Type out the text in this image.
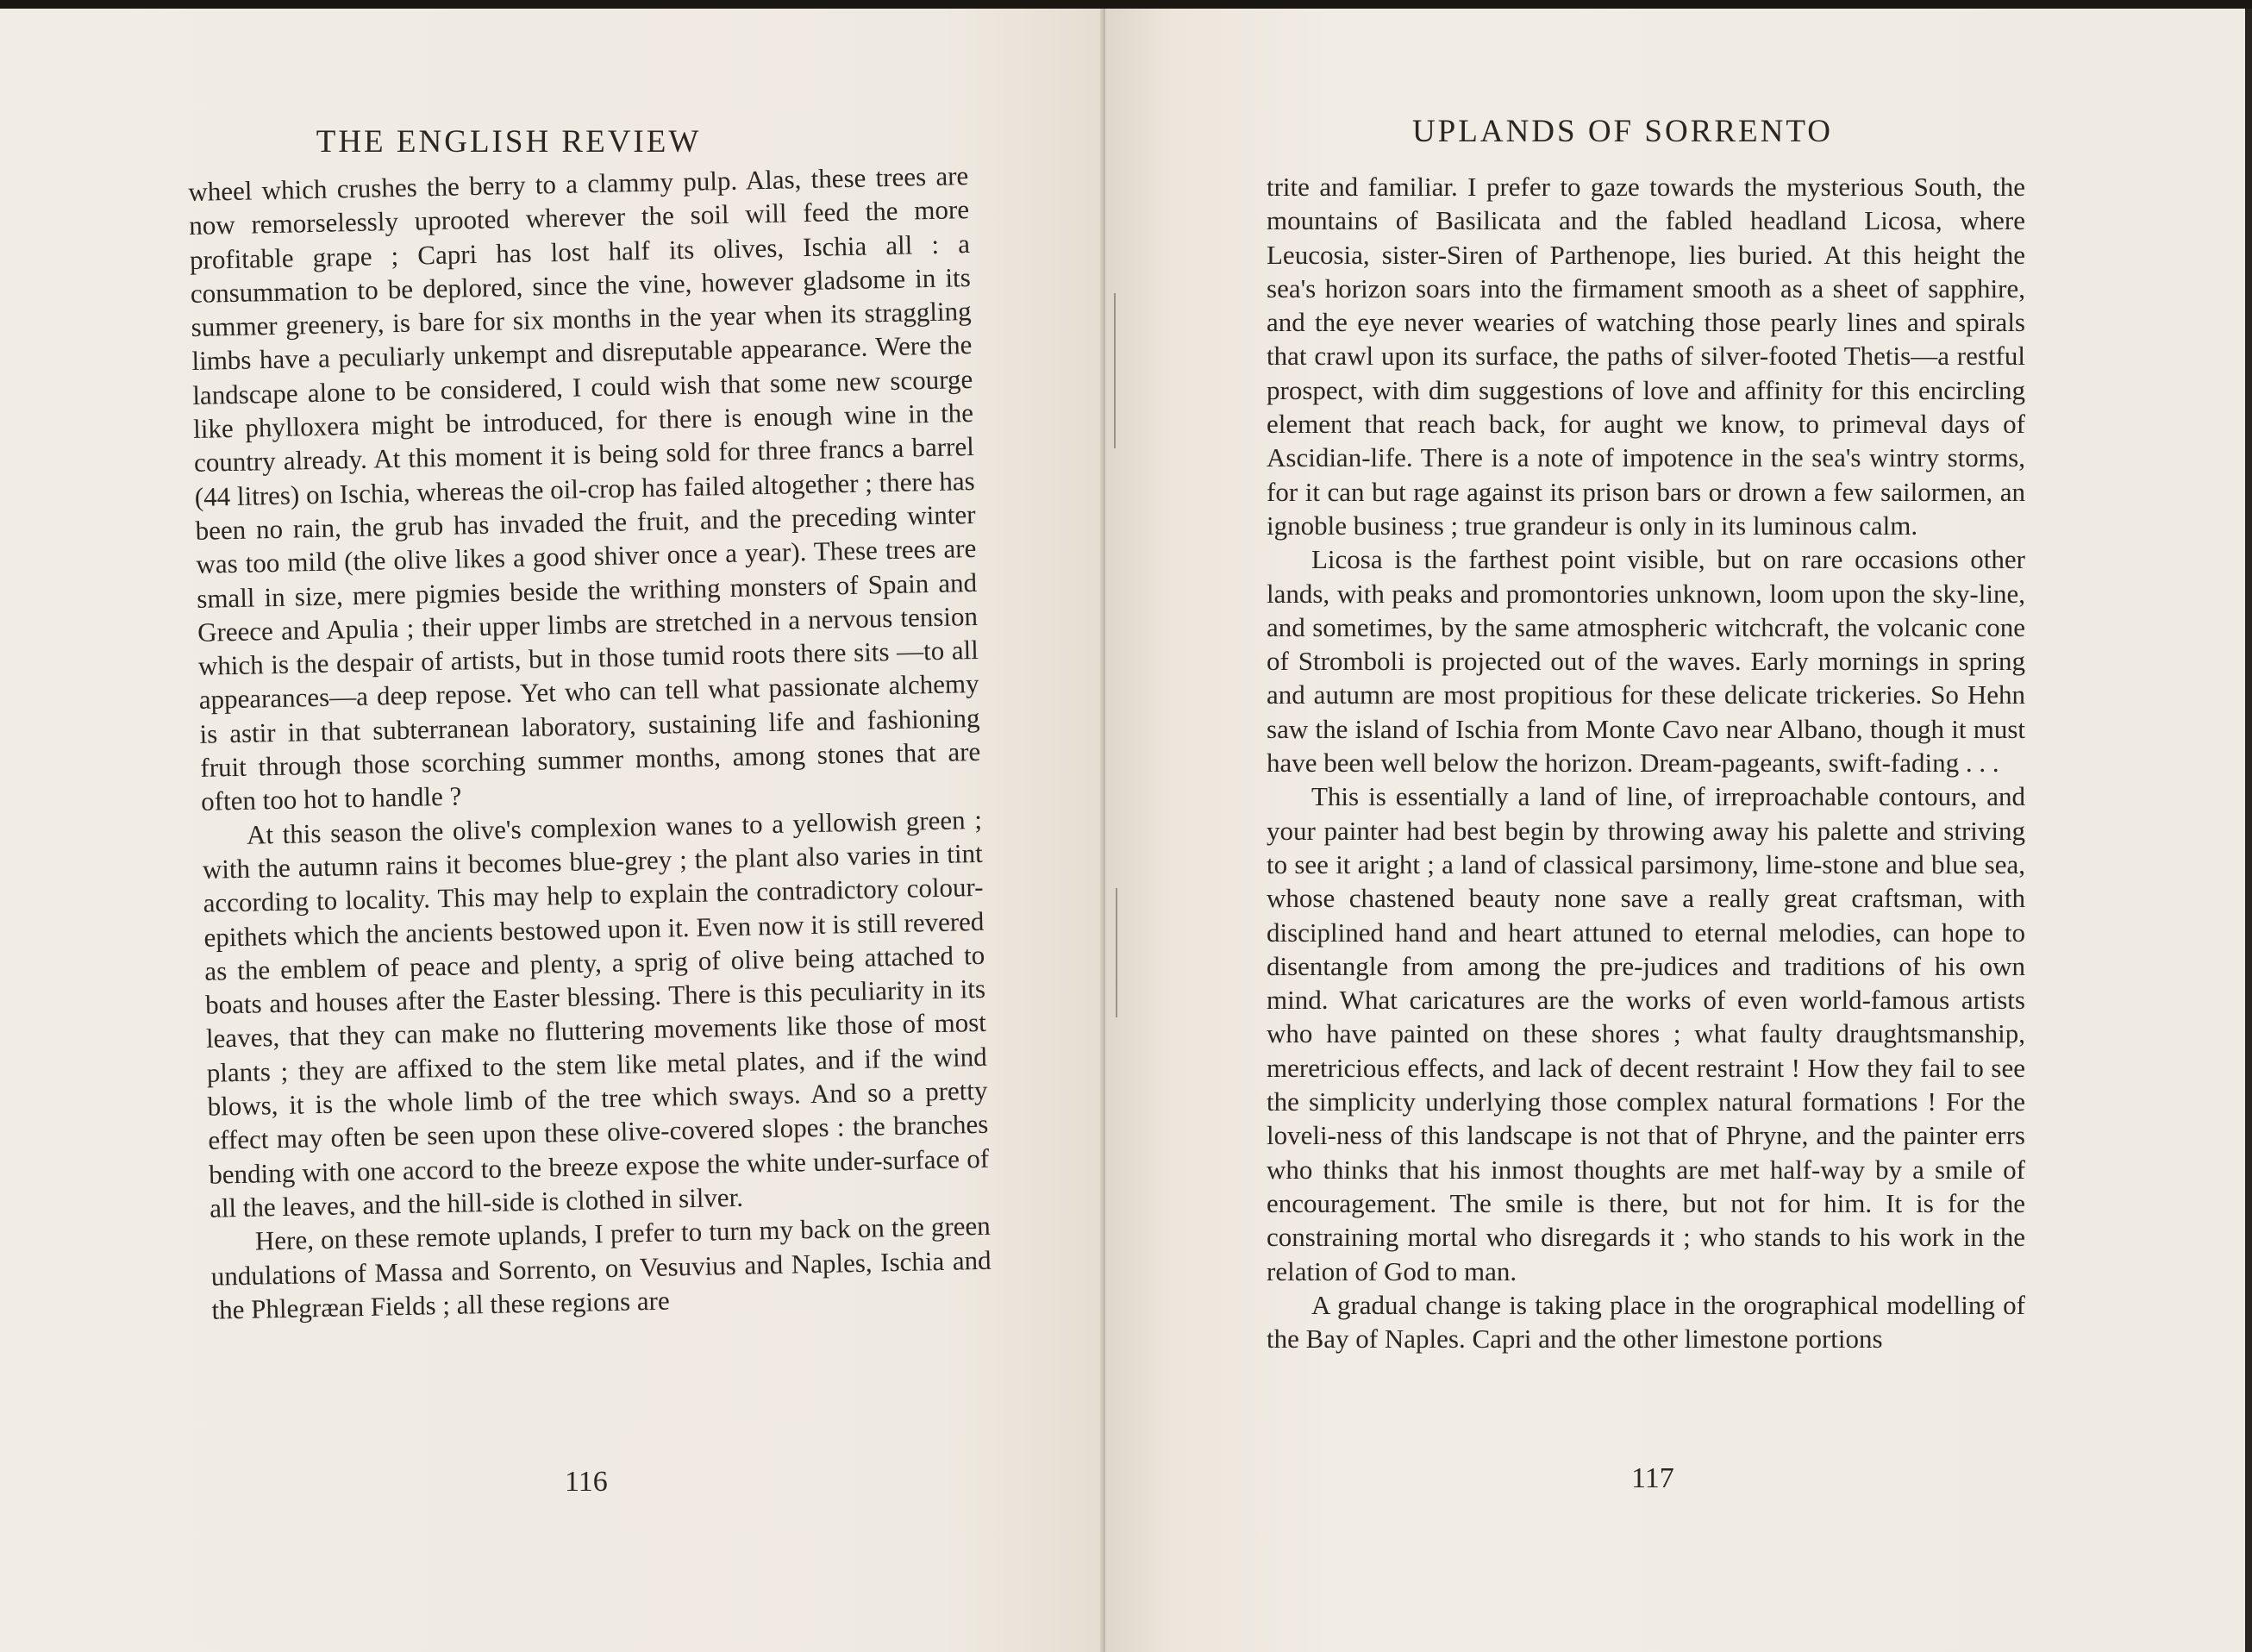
THE ENGLISH REVIEW

wheel which crushes the berry to a clammy pulp. Alas, these trees are now remorselessly uprooted wherever the soil will feed the more profitable grape ; Capri has lost half its olives, Ischia all : a consummation to be deplored, since the vine, however gladsome in its summer greenery, is bare for six months in the year when its straggling limbs have a peculiarly unkempt and disreputable appearance. Were the landscape alone to be considered, I could wish that some new scourge like phylloxera might be introduced, for there is enough wine in the country already. At this moment it is being sold for three francs a barrel (44 litres) on Ischia, whereas the oil-crop has failed altogether ; there has been no rain, the grub has invaded the fruit, and the preceding winter was too mild (the olive likes a good shiver once a year). These trees are small in size, mere pigmies beside the writhing monsters of Spain and Greece and Apulia ; their upper limbs are stretched in a nervous tension which is the despair of artists, but in those tumid roots there sits —to all appearances—a deep repose. Yet who can tell what passionate alchemy is astir in that subterranean laboratory, sustaining life and fashioning fruit through those scorching summer months, among stones that are often too hot to handle ?

At this season the olive's complexion wanes to a yellowish green ; with the autumn rains it becomes blue-grey ; the plant also varies in tint according to locality. This may help to explain the contradictory colour-epithets which the ancients bestowed upon it. Even now it is still revered as the emblem of peace and plenty, a sprig of olive being attached to boats and houses after the Easter blessing. There is this peculiarity in its leaves, that they can make no fluttering movements like those of most plants ; they are affixed to the stem like metal plates, and if the wind blows, it is the whole limb of the tree which sways. And so a pretty effect may often be seen upon these olive-covered slopes : the branches bending with one accord to the breeze expose the white under-surface of all the leaves, and the hill-side is clothed in silver.

Here, on these remote uplands, I prefer to turn my back on the green undulations of Massa and Sorrento, on Vesuvius and Naples, Ischia and the Phlegræan Fields ; all these regions are

116
UPLANDS OF SORRENTO

trite and familiar. I prefer to gaze towards the mysterious South, the mountains of Basilicata and the fabled headland Licosa, where Leucosia, sister-Siren of Parthenope, lies buried. At this height the sea's horizon soars into the firmament smooth as a sheet of sapphire, and the eye never wearies of watching those pearly lines and spirals that crawl upon its surface, the paths of silver-footed Thetis—a restful prospect, with dim suggestions of love and affinity for this encircling element that reach back, for aught we know, to primeval days of Ascidian-life. There is a note of impotence in the sea's wintry storms, for it can but rage against its prison bars or drown a few sailormen, an ignoble business ; true grandeur is only in its luminous calm.

Licosa is the farthest point visible, but on rare occasions other lands, with peaks and promontories unknown, loom upon the sky-line, and sometimes, by the same atmospheric witchcraft, the volcanic cone of Stromboli is projected out of the waves. Early mornings in spring and autumn are most propitious for these delicate trickeries. So Hehn saw the island of Ischia from Monte Cavo near Albano, though it must have been well below the horizon. Dream-pageants, swift-fading . . .

This is essentially a land of line, of irreproachable contours, and your painter had best begin by throwing away his palette and striving to see it aright ; a land of classical parsimony, lime-stone and blue sea, whose chastened beauty none save a really great craftsman, with disciplined hand and heart attuned to eternal melodies, can hope to disentangle from among the pre-judices and traditions of his own mind. What caricatures are the works of even world-famous artists who have painted on these shores ; what faulty draughtsmanship, meretricious effects, and lack of decent restraint ! How they fail to see the simplicity underlying those complex natural formations ! For the loveli-ness of this landscape is not that of Phryne, and the painter errs who thinks that his inmost thoughts are met half-way by a smile of encouragement. The smile is there, but not for him. It is for the constraining mortal who disregards it ; who stands to his work in the relation of God to man.

A gradual change is taking place in the orographical modelling of the Bay of Naples. Capri and the other limestone portions

117
